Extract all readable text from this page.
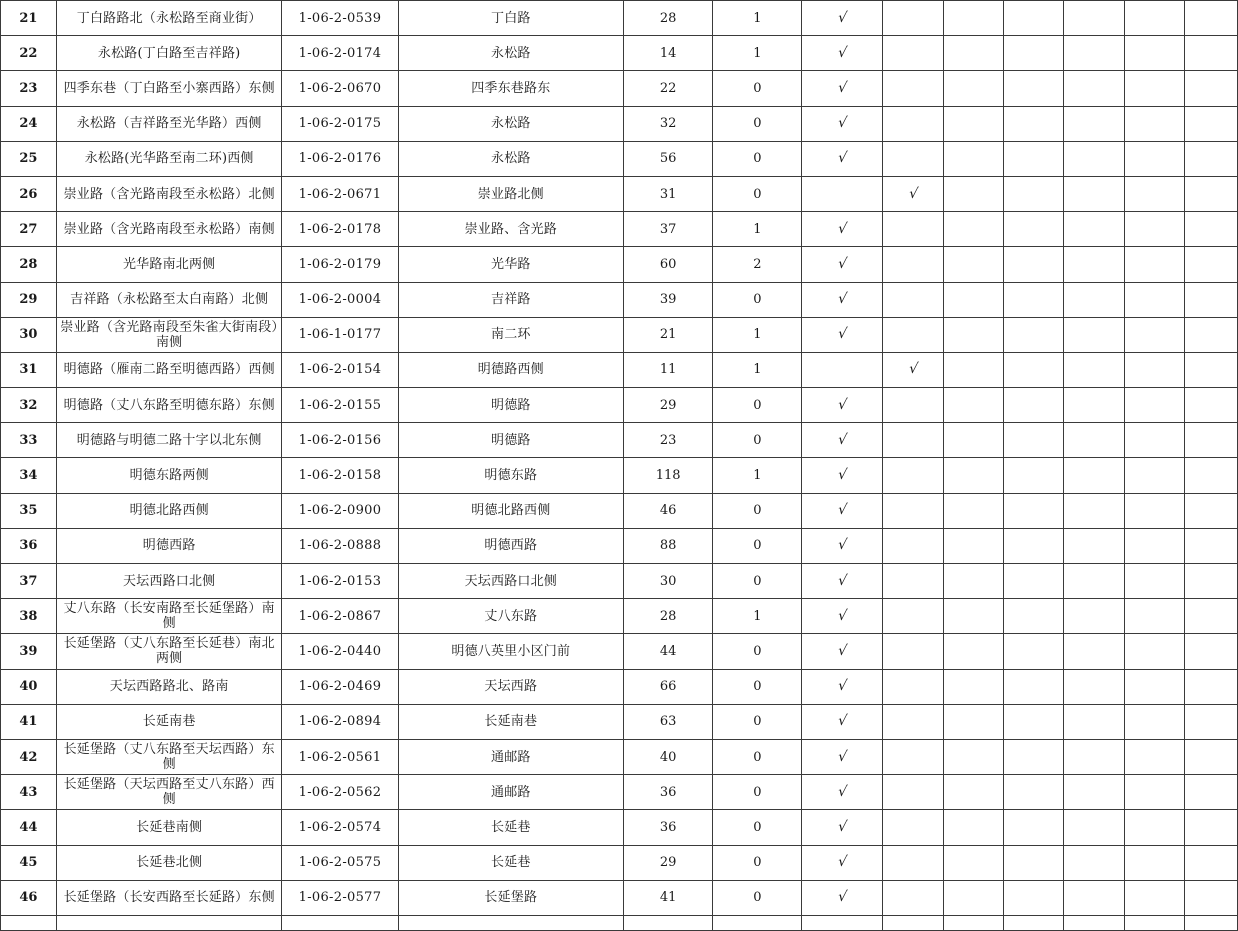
21	丁白路路北（永松路至商业街）	1-06-2-0539	丁白路	28	1	√						
22	永松路(丁白路至吉祥路)	1-06-2-0174	永松路	14	1	√						
23	四季东巷（丁白路至小寨西路）东侧	1-06-2-0670	四季东巷路东	22	0	√						
24	永松路（吉祥路至光华路）西侧	1-06-2-0175	永松路	32	0	√						
25	永松路(光华路至南二环)西侧	1-06-2-0176	永松路	56	0	√						
26	崇业路（含光路南段至永松路）北侧	1-06-2-0671	崇业路北侧	31	0		√					
27	崇业路（含光路南段至永松路）南侧	1-06-2-0178	崇业路、含光路	37	1	√						
28	光华路南北两侧	1-06-2-0179	光华路	60	2	√						
29	吉祥路（永松路至太白南路）北侧	1-06-2-0004	吉祥路	39	0	√						
30	崇业路（含光路南段至朱雀大街南段）南侧	1-06-1-0177	南二环	21	1	√						
31	明德路（雁南二路至明德西路）西侧	1-06-2-0154	明德路西侧	11	1		√					
32	明德路（丈八东路至明德东路）东侧	1-06-2-0155	明德路	29	0	√						
33	明德路与明德二路十字以北东侧	1-06-2-0156	明德路	23	0	√						
34	明德东路两侧	1-06-2-0158	明德东路	118	1	√						
35	明德北路西侧	1-06-2-0900	明德北路西侧	46	0	√						
36	明德西路	1-06-2-0888	明德西路	88	0	√						
37	天坛西路口北侧	1-06-2-0153	天坛西路口北侧	30	0	√						
38	丈八东路（长安南路至长延堡路）南侧	1-06-2-0867	丈八东路	28	1	√						
39	长延堡路（丈八东路至长延巷）南北两侧	1-06-2-0440	明德八英里小区门前	44	0	√						
40	天坛西路路北、路南	1-06-2-0469	天坛西路	66	0	√						
41	长延南巷	1-06-2-0894	长延南巷	63	0	√						
42	长延堡路（丈八东路至天坛西路）东侧	1-06-2-0561	通邮路	40	0	√						
43	长延堡路（天坛西路至丈八东路）西侧	1-06-2-0562	通邮路	36	0	√						
44	长延巷南侧	1-06-2-0574	长延巷	36	0	√						
45	长延巷北侧	1-06-2-0575	长延巷	29	0	√						
46	长延堡路（长安西路至长延路）东侧	1-06-2-0577	长延堡路	41	0	√						
